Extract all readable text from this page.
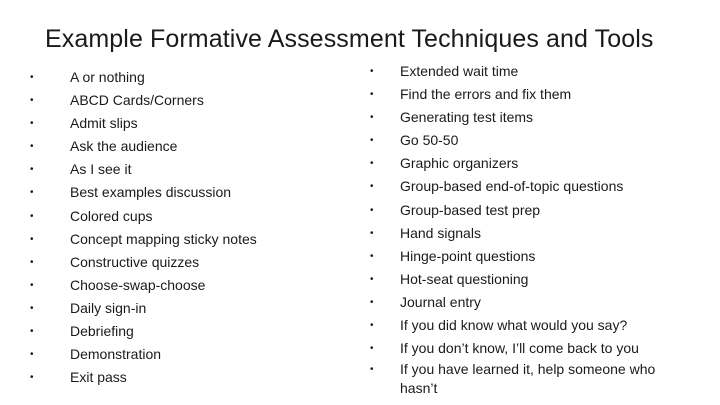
Example Formative Assessment Techniques and Tools
•	A or nothing
•	ABCD Cards/Corners
•	Admit slips
•	Ask the audience
•	As I see it
•	Best examples discussion
•	Colored cups
•	Concept mapping sticky notes
•	Constructive quizzes
•	Choose-swap-choose
•	Daily sign-in
•	Debriefing
•	Demonstration
•	Exit pass
•	Extended wait time
•	Find the errors and fix them
•	Generating test items
•	Go 50-50
•	Graphic organizers
•	Group-based end-of-topic questions
•	Group-based test prep
•	Hand signals
•	Hinge-point questions
•	Hot-seat questioning
•	Journal entry
•	If you did know what would you say?
•	If you don’t know, I’ll come back to you
•	If you have learned it, help someone who hasn’t
